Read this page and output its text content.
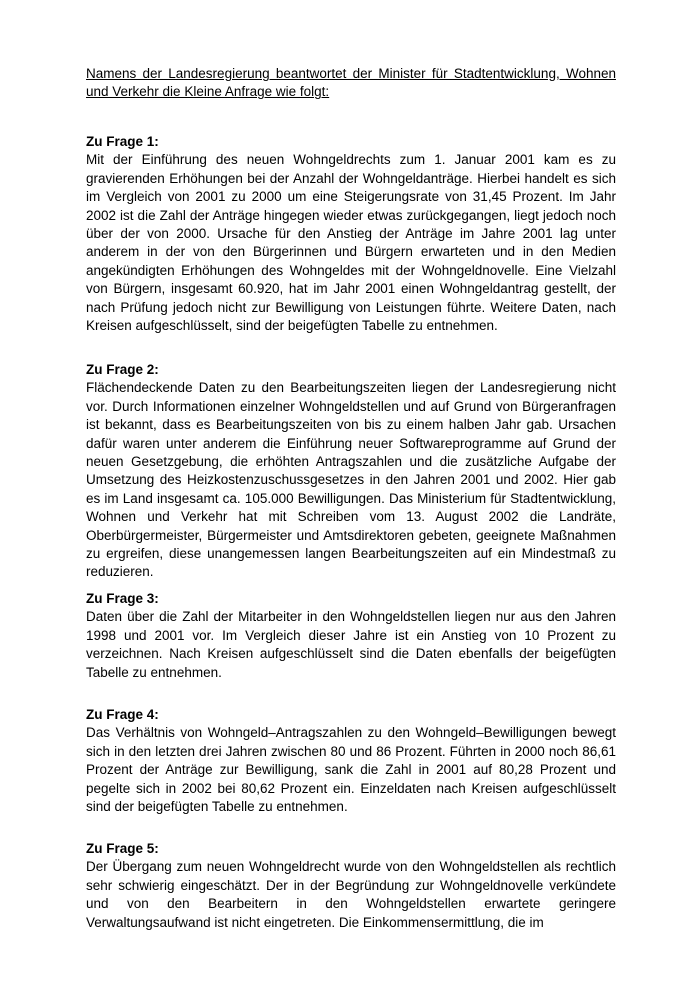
Namens der Landesregierung beantwortet der Minister für Stadtentwicklung, Wohnen und Verkehr die Kleine Anfrage wie folgt:

Zu Frage 1:

Mit der Einführung des neuen Wohngeldrechts zum 1. Januar 2001 kam es zu gravierenden Erhöhungen bei der Anzahl der Wohngeldanträge. Hierbei handelt es sich im Vergleich von 2001 zu 2000 um eine Steigerungsrate von 31,45 Prozent. Im Jahr 2002 ist die Zahl der Anträge hingegen wieder etwas zurückgegangen, liegt jedoch noch über der von 2000. Ursache für den Anstieg der Anträge im Jahre 2001 lag unter anderem in der von den Bürgerinnen und Bürgern erwarteten und in den Medien angekündigten Erhöhungen des Wohngeldes mit der Wohngeldnovelle. Eine Vielzahl von Bürgern, insgesamt 60.920, hat im Jahr 2001 einen Wohngeldantrag gestellt, der nach Prüfung jedoch nicht zur Bewilligung von Leistungen führte. Weitere Daten, nach Kreisen aufgeschlüsselt, sind der beigefügten Tabelle zu entnehmen.

Zu Frage 2:

Flächendeckende Daten zu den Bearbeitungszeiten liegen der Landesregierung nicht vor. Durch Informationen einzelner Wohngeldstellen und auf Grund von Bürgeranfragen ist bekannt, dass es Bearbeitungszeiten von bis zu einem halben Jahr gab. Ursachen dafür waren unter anderem die Einführung neuer Softwareprogramme auf Grund der neuen Gesetzgebung, die erhöhten Antragszahlen und die zusätzliche Aufgabe der Umsetzung des Heizkostenzuschussgesetzes in den Jahren 2001 und 2002. Hier gab es im Land insgesamt ca. 105.000 Bewilligungen. Das Ministerium für Stadtentwicklung, Wohnen und Verkehr hat mit Schreiben vom 13. August 2002 die Landräte, Oberbürgermeister, Bürgermeister und Amtsdirektoren gebeten, geeignete Maßnahmen zu ergreifen, diese unangemessen langen Bearbeitungszeiten auf ein Mindestmaß zu reduzieren.

Zu Frage 3:

Daten über die Zahl der Mitarbeiter in den Wohngeldstellen liegen nur aus den Jahren 1998 und 2001 vor. Im Vergleich dieser Jahre ist ein Anstieg von 10 Prozent zu verzeichnen. Nach Kreisen aufgeschlüsselt sind die Daten ebenfalls der beigefügten Tabelle zu entnehmen.

Zu Frage 4:

Das Verhältnis von Wohngeld–Antragszahlen zu den Wohngeld–Bewilligungen bewegt sich in den letzten drei Jahren zwischen 80 und 86 Prozent. Führten in 2000 noch 86,61 Prozent der Anträge zur Bewilligung, sank die Zahl in 2001 auf 80,28 Prozent und pegelte sich in 2002 bei 80,62 Prozent ein. Einzeldaten nach Kreisen aufgeschlüsselt sind der beigefügten Tabelle zu entnehmen.

Zu Frage 5:

Der Übergang zum neuen Wohngeldrecht wurde von den Wohngeldstellen als rechtlich sehr schwierig eingeschätzt. Der in der Begründung zur Wohngeldnovelle verkündete und von den Bearbeitern in den Wohngeldstellen erwartete geringere Verwaltungsaufwand ist nicht eingetreten. Die Einkommensermittlung, die im
